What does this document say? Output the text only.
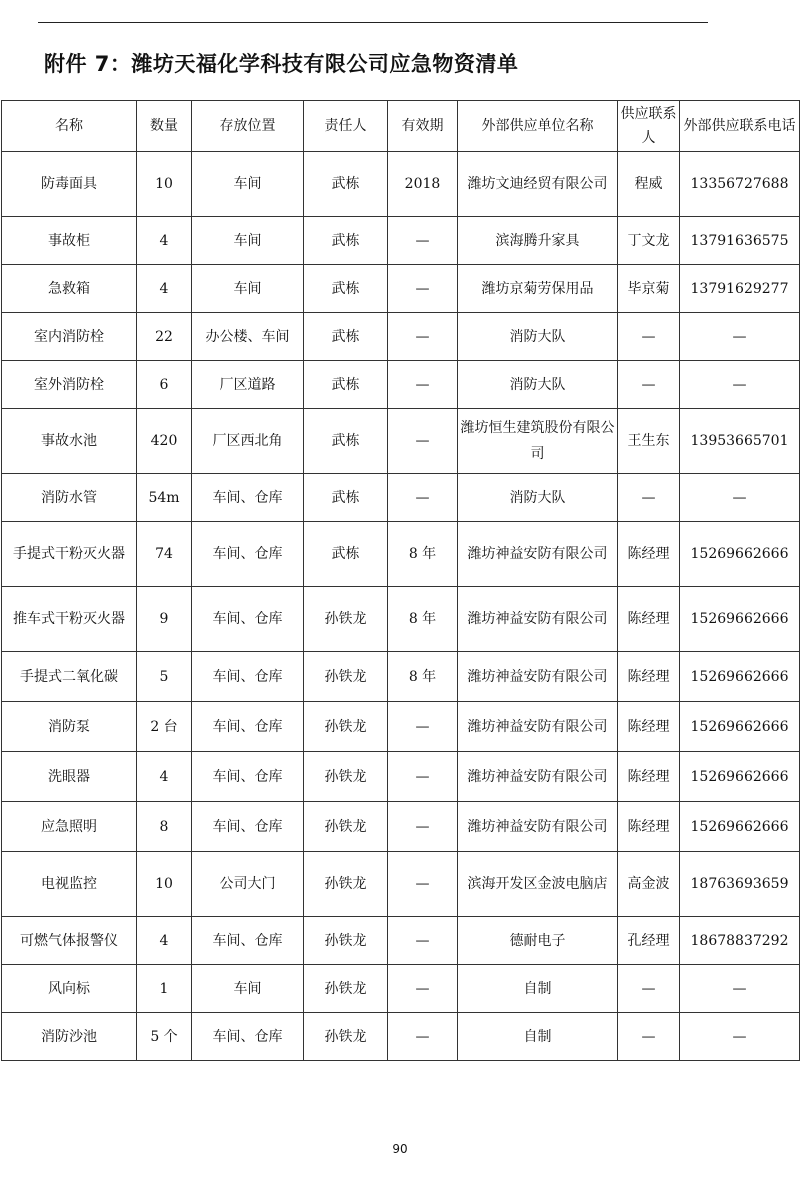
附件 7：潍坊天福化学科技有限公司应急物资清单
名称	数量	存放位置	责任人	有效期	外部供应单位名称	供应联系人	外部供应联系电话
防毒面具	10	车间	武栋	2018	潍坊文迪经贸有限公司	程威	13356727688
事故柜	4	车间	武栋	—	滨海腾升家具	丁文龙	13791636575
急救箱	4	车间	武栋	—	潍坊京菊劳保用品	毕京菊	13791629277
室内消防栓	22	办公楼、车间	武栋	—	消防大队	—	—
室外消防栓	6	厂区道路	武栋	—	消防大队	—	—
事故水池	420	厂区西北角	武栋	—	潍坊恒生建筑股份有限公司	王生东	13953665701
消防水管	54m	车间、仓库	武栋	—	消防大队	—	—
手提式干粉灭火器	74	车间、仓库	武栋	8 年	潍坊神益安防有限公司	陈经理	15269662666
推车式干粉灭火器	9	车间、仓库	孙铁龙	8 年	潍坊神益安防有限公司	陈经理	15269662666
手提式二氧化碳	5	车间、仓库	孙铁龙	8 年	潍坊神益安防有限公司	陈经理	15269662666
消防泵	2 台	车间、仓库	孙铁龙	—	潍坊神益安防有限公司	陈经理	15269662666
洗眼器	4	车间、仓库	孙铁龙	—	潍坊神益安防有限公司	陈经理	15269662666
应急照明	8	车间、仓库	孙铁龙	—	潍坊神益安防有限公司	陈经理	15269662666
电视监控	10	公司大门	孙铁龙	—	滨海开发区金波电脑店	高金波	18763693659
可燃气体报警仪	4	车间、仓库	孙铁龙	—	德耐电子	孔经理	18678837292
风向标	1	车间	孙铁龙	—	自制	—	—
消防沙池	5 个	车间、仓库	孙铁龙	—	自制	—	—
90
